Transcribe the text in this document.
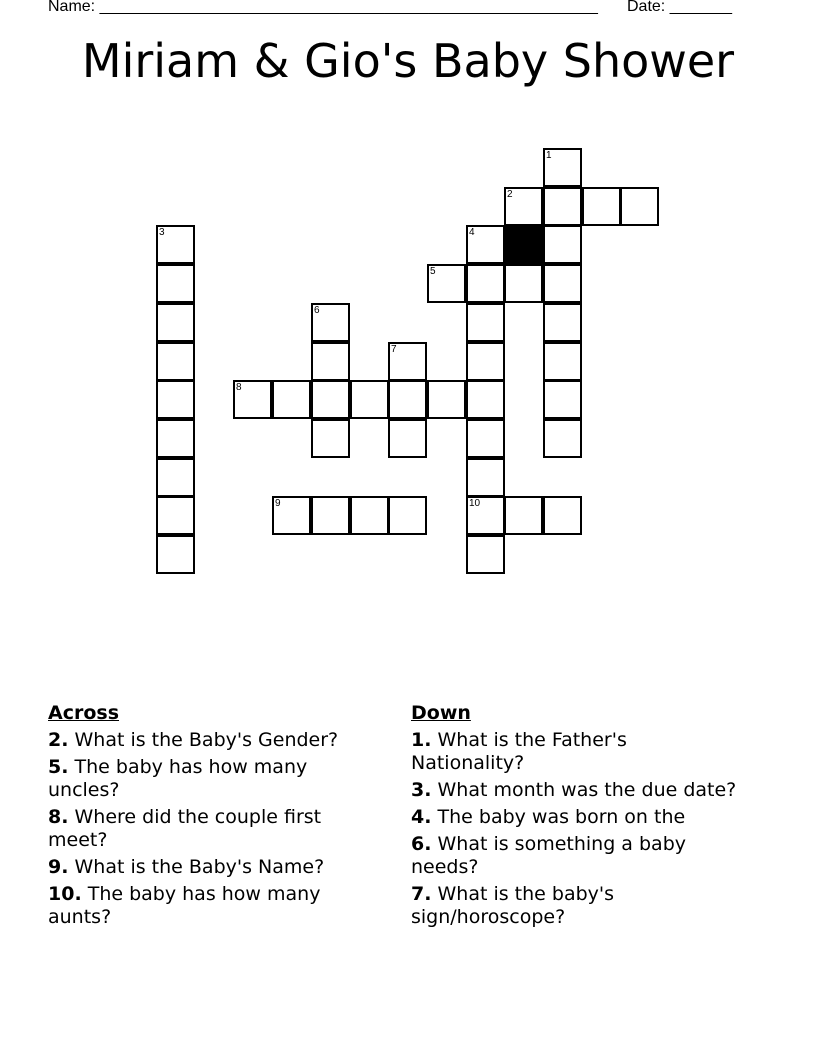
Name: ________________________________________________________ Date: _______
Miriam & Gio's Baby Shower
1
2
3	4
5
6
7
8
9	10
Across
2. What is the Baby's Gender?
5. The baby has how many uncles?
8. Where did the couple first meet?
9. What is the Baby's Name?
10. The baby has how many aunts?
Down
1. What is the Father's Nationality?
3. What month was the due date?
4. The baby was born on the
6. What is something a baby needs?
7. What is the baby's sign/horoscope?
